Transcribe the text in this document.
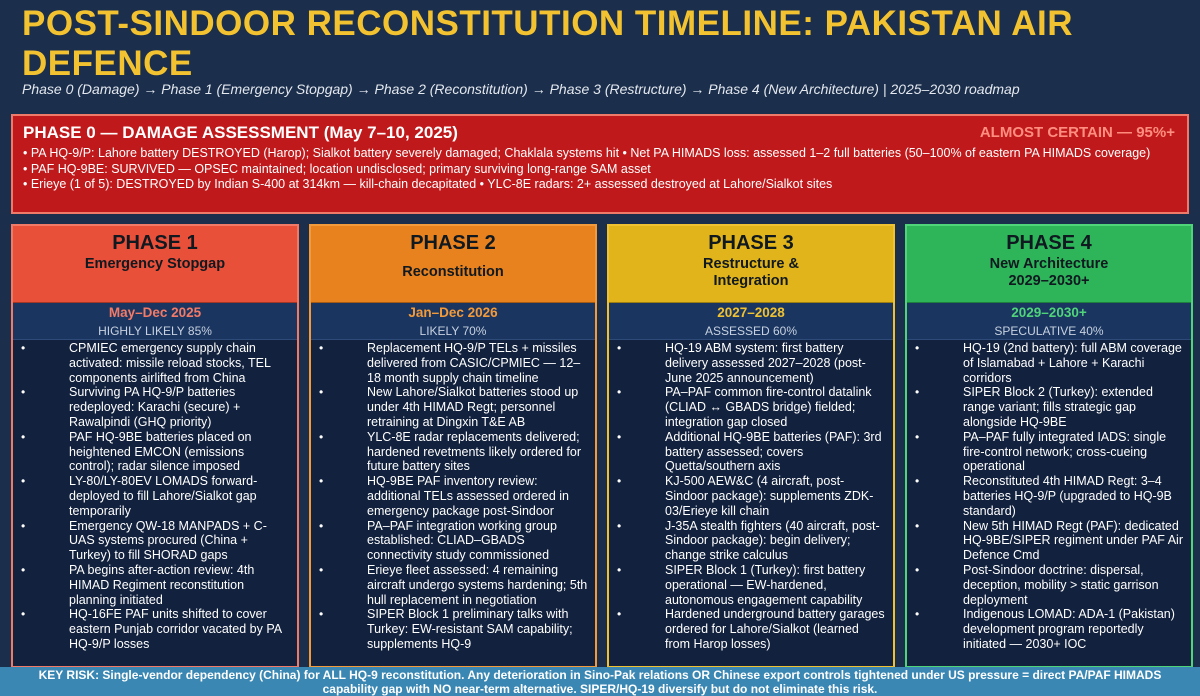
POST-SINDOOR RECONSTITUTION TIMELINE: PAKISTAN AIR DEFENCE
Phase 0 (Damage) → Phase 1 (Emergency Stopgap) → Phase 2 (Reconstitution) → Phase 3 (Restructure) → Phase 4 (New Architecture) | 2025–2030 roadmap
PHASE 0 — DAMAGE ASSESSMENT (May 7–10, 2025)	ALMOST CERTAIN — 95%+
• PA HQ-9/P: Lahore battery DESTROYED (Harop); Sialkot battery severely damaged; Chaklala systems hit • Net PA HIMADS loss: assessed 1–2 full batteries (50–100% of eastern PA HIMADS coverage)
• PAF HQ-9BE: SURVIVED — OPSEC maintained; location undisclosed; primary surviving long-range SAM asset
• Erieye (1 of 5): DESTROYED by Indian S-400 at 314km — kill-chain decapitated • YLC-8E radars: 2+ assessed destroyed at Lahore/Sialkot sites
PHASE 1
Emergency Stopgap
May–Dec 2025
HIGHLY LIKELY 85%
• CPMIEC emergency supply chain activated: missile reload stocks, TEL components airlifted from China
• Surviving PA HQ-9/P batteries redeployed: Karachi (secure) + Rawalpindi (GHQ priority)
• PAF HQ-9BE batteries placed on heightened EMCON (emissions control); radar silence imposed
• LY-80/LY-80EV LOMADS forward-deployed to fill Lahore/Sialkot gap temporarily
• Emergency QW-18 MANPADS + C-UAS systems procured (China + Turkey) to fill SHORAD gaps
• PA begins after-action review: 4th HIMAD Regiment reconstitution planning initiated
• HQ-16FE PAF units shifted to cover eastern Punjab corridor vacated by PA HQ-9/P losses
PHASE 2
Reconstitution
Jan–Dec 2026
LIKELY 70%
• Replacement HQ-9/P TELs + missiles delivered from CASIC/CPMIEC — 12–18 month supply chain timeline
• New Lahore/Sialkot batteries stood up under 4th HIMAD Regt; personnel retraining at Dingxin T&E AB
• YLC-8E radar replacements delivered; hardened revetments likely ordered for future battery sites
• HQ-9BE PAF inventory review: additional TELs assessed ordered in emergency package post-Sindoor
• PA–PAF integration working group established: CLIAD–GBADS connectivity study commissioned
• Erieye fleet assessed: 4 remaining aircraft undergo systems hardening; 5th hull replacement in negotiation
• SIPER Block 1 preliminary talks with Turkey: EW-resistant SAM capability; supplements HQ-9
PHASE 3
Restructure & Integration
2027–2028
ASSESSED 60%
• HQ-19 ABM system: first battery delivery assessed 2027–2028 (post-June 2025 announcement)
• PA–PAF common fire-control datalink (CLIAD ↔ GBADS bridge) fielded; integration gap closed
• Additional HQ-9BE batteries (PAF): 3rd battery assessed; covers Quetta/southern axis
• KJ-500 AEW&C (4 aircraft, post-Sindoor package): supplements ZDK-03/Erieye kill chain
• J-35A stealth fighters (40 aircraft, post-Sindoor package): begin delivery; change strike calculus
• SIPER Block 1 (Turkey): first battery operational — EW-hardened, autonomous engagement capability
• Hardened underground battery garages ordered for Lahore/Sialkot (learned from Harop losses)
PHASE 4
New Architecture 2029–2030+
2029–2030+
SPECULATIVE 40%
• HQ-19 (2nd battery): full ABM coverage of Islamabad + Lahore + Karachi corridors
• SIPER Block 2 (Turkey): extended range variant; fills strategic gap alongside HQ-9BE
• PA–PAF fully integrated IADS: single fire-control network; cross-cueing operational
• Reconstituted 4th HIMAD Regt: 3–4 batteries HQ-9/P (upgraded to HQ-9B standard)
• New 5th HIMAD Regt (PAF): dedicated HQ-9BE/SIPER regiment under PAF Air Defence Cmd
• Post-Sindoor doctrine: dispersal, deception, mobility > static garrison deployment
• Indigenous LOMAD: ADA-1 (Pakistan) development program reportedly initiated — 2030+ IOC
KEY RISK: Single-vendor dependency (China) for ALL HQ-9 reconstitution. Any deterioration in Sino-Pak relations OR Chinese export controls tightened under US pressure = direct PA/PAF HIMADS capability gap with NO near-term alternative. SIPER/HQ-19 diversify but do not eliminate this risk.
